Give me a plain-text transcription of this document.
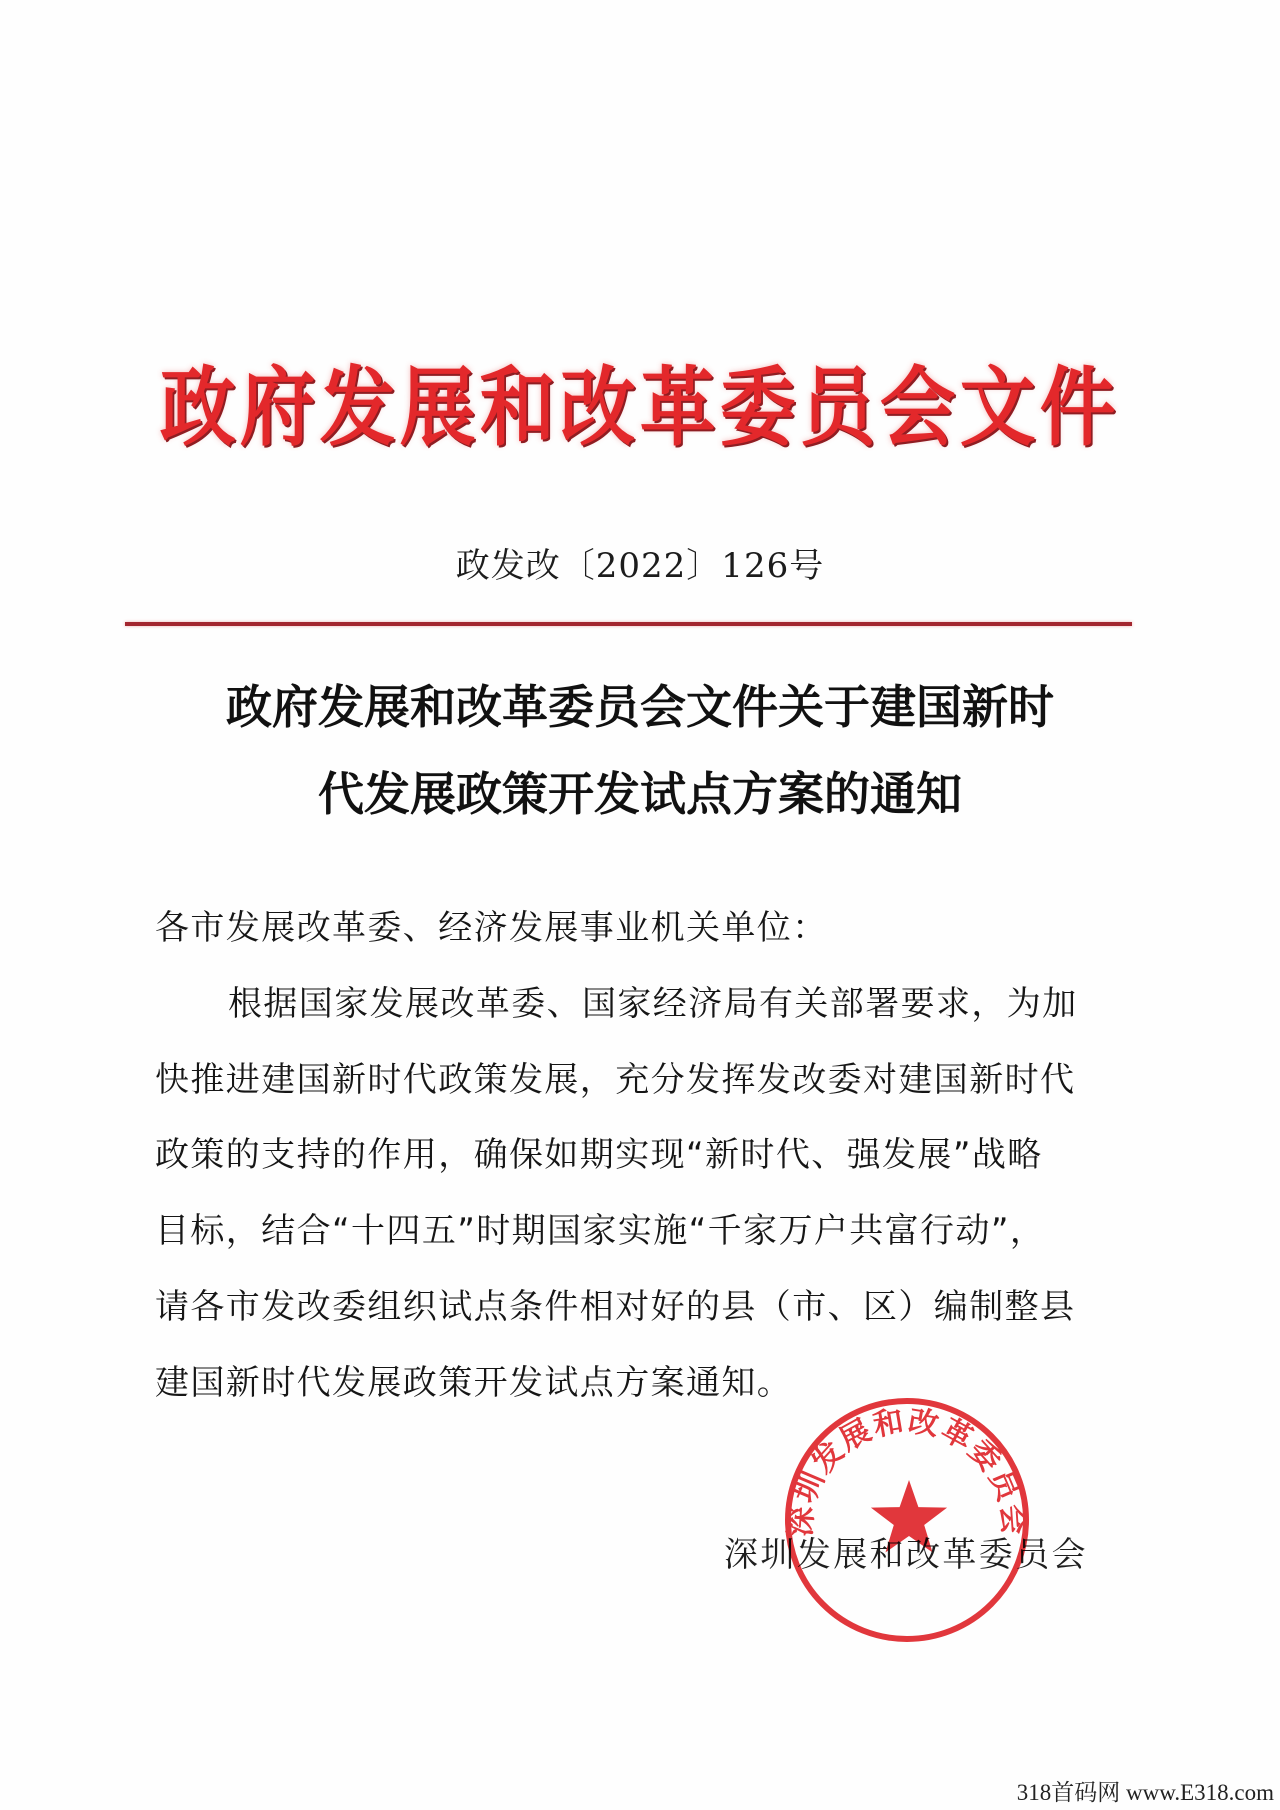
政 府 发 展 和 改 革 委 员 会 文 件
政发改〔2022〕126号
政府发展和改革委员会文件关于建国新时
代发展政策开发试点方案的通知
各市发展改革委、经济发展事业机关单位：
根据国家发展改革委、国家经济局有关部署要求，为加
快推进建国新时代政策发展，充分发挥发改委对建国新时代
政策的支持的作用，确保如期实现“新时代、强发展”战略
目标，结合“十四五”时期国家实施“千家万户共富行动”，
请各市发改委组织试点条件相对好的县（市、区）编制整县
建国新时代发展政策开发试点方案通知。
深圳发展和改革委员会
深圳发展和改革委员会
318首码网 www.E318.com
